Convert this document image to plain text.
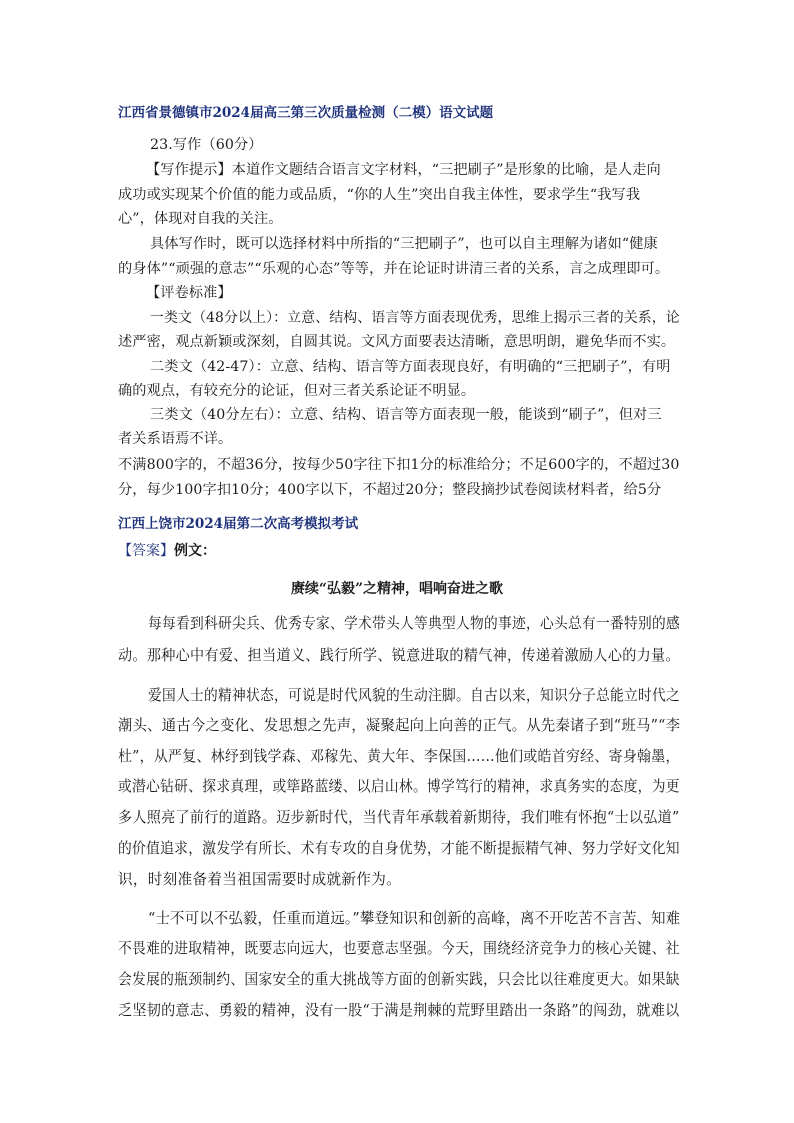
江西省景德镇市2024届高三第三次质量检测（二模）语文试题
23.写作（60分）
【写作提示】本道作文题结合语言文字材料，“三把刷子”是形象的比喻，是人走向
成功或实现某个价值的能力或品质，“你的人生”突出自我主体性，要求学生“我写我
心”，体现对自我的关注。
具体写作时，既可以选择材料中所指的“三把刷子”，也可以自主理解为诸如“健康
的身体”“顽强的意志”“乐观的心态”等等，并在论证时讲清三者的关系，言之成理即可。
【评卷标准】
一类文（48分以上）：立意、结构、语言等方面表现优秀，思维上揭示三者的关系，论
述严密，观点新颖或深刻，自圆其说。文风方面要表达清晰，意思明朗，避免华而不实。
二类文（42-47）：立意、结构、语言等方面表现良好，有明确的“三把刷子”，有明
确的观点，有较充分的论证，但对三者关系论证不明显。
三类文（40分左右）：立意、结构、语言等方面表现一般，能谈到“刷子”，但对三
者关系语焉不详。
不满800字的，不超36分，按每少50字往下扣1分的标准给分；不足600字的，不超过30
分，每少100字扣10分；400字以下，不超过20分；整段摘抄试卷阅读材料者，给5分
江西上饶市2024届第二次高考模拟考试
【答案】例文：
赓续“弘毅”之精神，唱响奋进之歌
每每看到科研尖兵、优秀专家、学术带头人等典型人物的事迹，心头总有一番特别的感
动。那种心中有爱、担当道义、践行所学、锐意进取的精气神，传递着激励人心的力量。
爱国人士的精神状态，可说是时代风貌的生动注脚。自古以来，知识分子总能立时代之
潮头、通古今之变化、发思想之先声，凝聚起向上向善的正气。从先秦诸子到“班马”“李
杜”，从严复、林纾到钱学森、邓稼先、黄大年、李保国……他们或皓首穷经、寄身翰墨，
或潜心钻研、探求真理，或筚路蓝缕、以启山林。博学笃行的精神，求真务实的态度，为更
多人照亮了前行的道路。迈步新时代，当代青年承载着新期待，我们唯有怀抱“士以弘道”
的价值追求，激发学有所长、术有专攻的自身优势，才能不断提振精气神、努力学好文化知
识，时刻准备着当祖国需要时成就新作为。
“士不可以不弘毅，任重而道远。”攀登知识和创新的高峰，离不开吃苦不言苦、知难
不畏难的进取精神，既要志向远大，也要意志坚强。今天，围绕经济竞争力的核心关键、社
会发展的瓶颈制约、国家安全的重大挑战等方面的创新实践，只会比以往难度更大。如果缺
乏坚韧的意志、勇毅的精神，没有一股“于满是荆棘的荒野里踏出一条路”的闯劲，就难以
